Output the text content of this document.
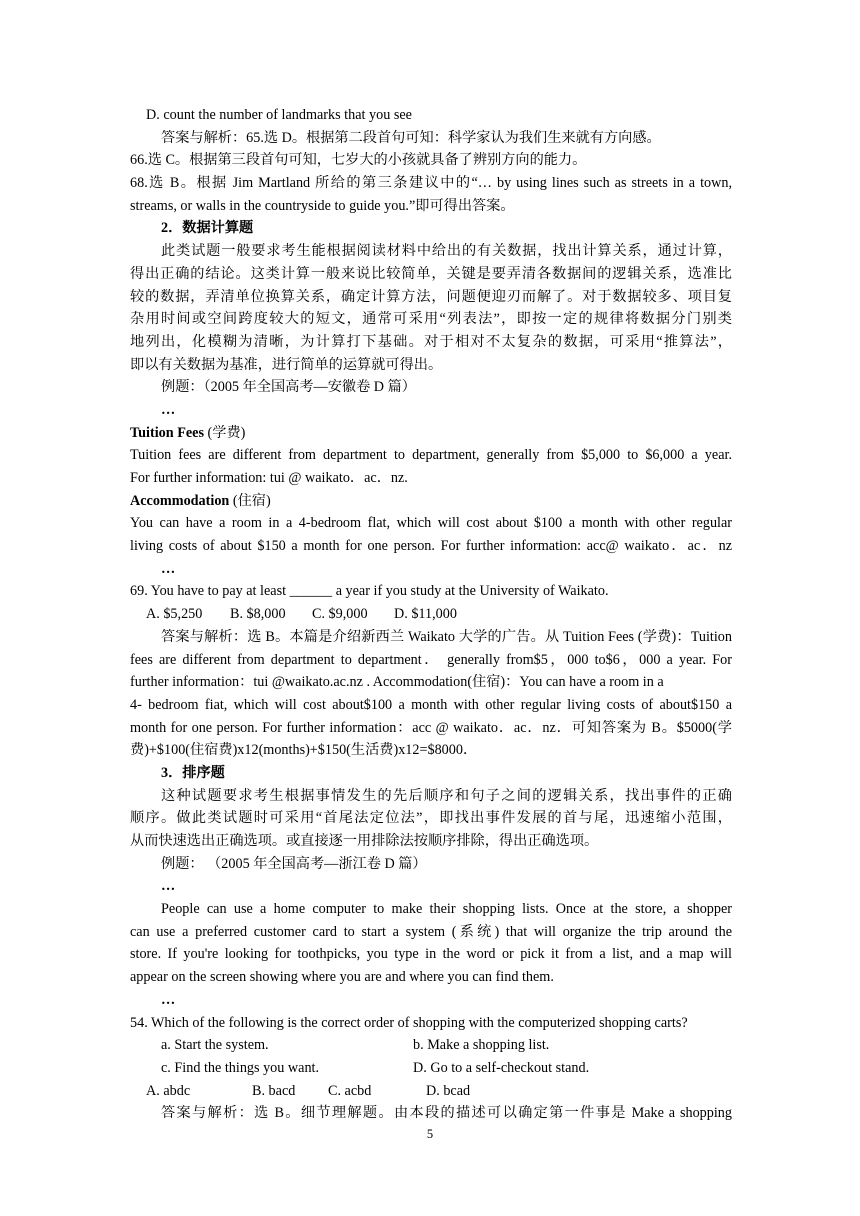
D. count the number of landmarks that you see
答案与解析：65.选 D。根据第二段首句可知：科学家认为我们生来就有方向感。
66.选 C。根据第三段首句可知，七岁大的小孩就具备了辨别方向的能力。
68.选 B。根据 Jim Martland 所给的第三条建议中的“… by using lines such as streets in a town,
streams, or walls in the countryside to guide you.”即可得出答案。
2．数据计算题
此类试题一般要求考生能根据阅读材料中给出的有关数据，找出计算关系，通过计算，
得出正确的结论。这类计算一般来说比较简单，关键是要弄清各数据间的逻辑关系，选准比
较的数据，弄清单位换算关系，确定计算方法，问题便迎刃而解了。对于数据较多、项目复
杂用时间或空间跨度较大的短文，通常可采用“列表法”，即按一定的规律将数据分门别类
地列出，化模糊为清晰，为计算打下基础。对于相对不太复杂的数据，可采用“推算法”，
即以有关数据为基准，进行简单的运算就可得出。
例题：（2005 年全国高考—安徽卷 D 篇）
…
Tuition Fees (学费)
Tuition fees are different from department to department, generally from $5,000 to $6,000 a year.
For further information: tui @ waikato．ac．nz.
Accommodation (住宿)
You can have a room in a 4-bedroom flat, which will cost about $100 a month with other regular
living costs of about $150 a month for one person. For further information: acc@ waikato．ac．nz
…
69. You have to pay at least ______ a year if you study at the University of Waikato.
A. $5,250	B. $8,000	C. $9,000	D. $11,000
答案与解析：选 B。本篇是介绍新西兰 Waikato 大学的广告。从 Tuition Fees (学费)：Tuition
fees are different from department to department． generally from$5，000 to$6，000 a year. For
further information：tui @waikato.ac.nz . Accommodation(住宿)：You can have a room in a
4- bedroom fiat, which will cost about$100 a month with other regular living costs of about$150 a
month for one person. For further information：acc @ waikato．ac．nz．可知答案为 B。$5000(学
费)+$100(住宿费)x12(months)+$150(生活费)x12=$8000．
3．排序题
这种试题要求考生根据事情发生的先后顺序和句子之间的逻辑关系，找出事件的正确
顺序。做此类试题时可采用“首尾法定位法”，即找出事件发展的首与尾，迅速缩小范围，
从而快速选出正确选项。或直接逐一用排除法按顺序排除，得出正确选项。
例题： （2005 年全国高考—浙江卷 D 篇）
…
People can use a home computer to make their shopping lists. Once at the store, a shopper
can use a preferred customer card to start a system (系统) that will organize the trip around the
store. If you're looking for toothpicks, you type in the word or pick it from a list, and a map will
appear on the screen showing where you are and where you can find them.
…
54. Which of the following is the correct order of shopping with the computerized shopping carts?
a. Start the system.	b. Make a shopping list.
c. Find the things you want.	D. Go to a self-checkout stand.
A. abdc	B. bacd	C. acbd	D. bcad
答案与解析：选 B。细节理解题。由本段的描述可以确定第一件事是 Make a shopping
5
